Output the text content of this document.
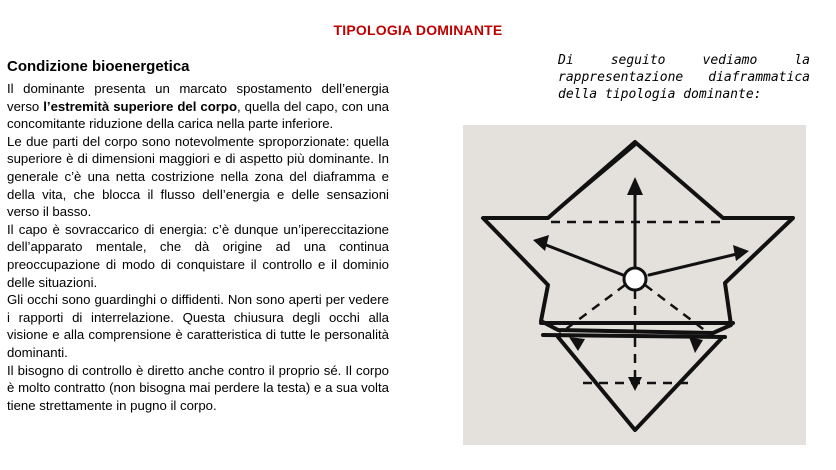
TIPOLOGIA DOMINANTE
Condizione bioenergetica

Il dominante presenta un marcato spostamento dell’energia verso l’estremità superiore del corpo, quella del capo, con una concomitante riduzione della carica nella parte inferiore.

Le due parti del corpo sono notevolmente sproporzionate: quella superiore è di dimensioni maggiori e di aspetto più dominante. In generale c’è una netta costrizione nella zona del diaframma e della vita, che blocca il flusso dell’energia e delle sensazioni verso il basso.

Il capo è sovraccarico di energia: c’è dunque un’ipereccitazione dell’apparato mentale, che dà origine ad una continua preoccupazione di modo di conquistare il controllo e il dominio delle situazioni.

Gli occhi sono guardinghi o diffidenti. Non sono aperti per vedere i rapporti di interrelazione. Questa chiusura degli occhi alla visione e alla comprensione è caratteristica di tutte le personalità dominanti.

Il bisogno di controllo è diretto anche contro il proprio sé. Il corpo è molto contratto (non bisogna mai perdere la testa) e a sua volta tiene strettamente in pugno il corpo.

Di seguito vediamo la rappresentazione diaframmatica della tipologia dominante:
